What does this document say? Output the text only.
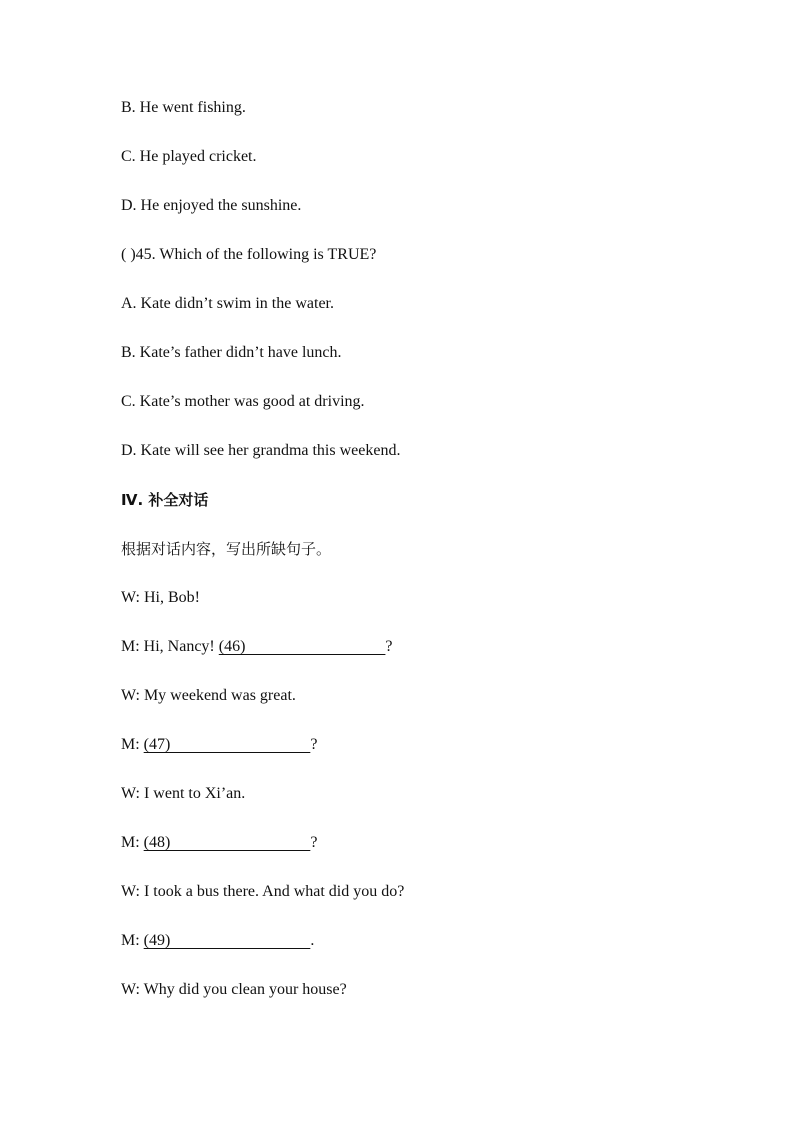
B. He went fishing.
C. He played cricket.
D. He enjoyed the sunshine.
( )45. Which of the following is TRUE?
A. Kate didn’t swim in the water.
B. Kate’s father didn’t have lunch.
C. Kate’s mother was good at driving.
D. Kate will see her grandma this weekend.
Ⅳ. 补全对话
根据对话内容，写出所缺句子。
W: Hi, Bob!
M: Hi, Nancy! (46)                                   ?
W: My weekend was great.
M: (47)                                   ?
W: I went to Xi’an.
M: (48)                                   ?
W: I took a bus there. And what did you do?
M: (49)                                   .
W: Why did you clean your house?
